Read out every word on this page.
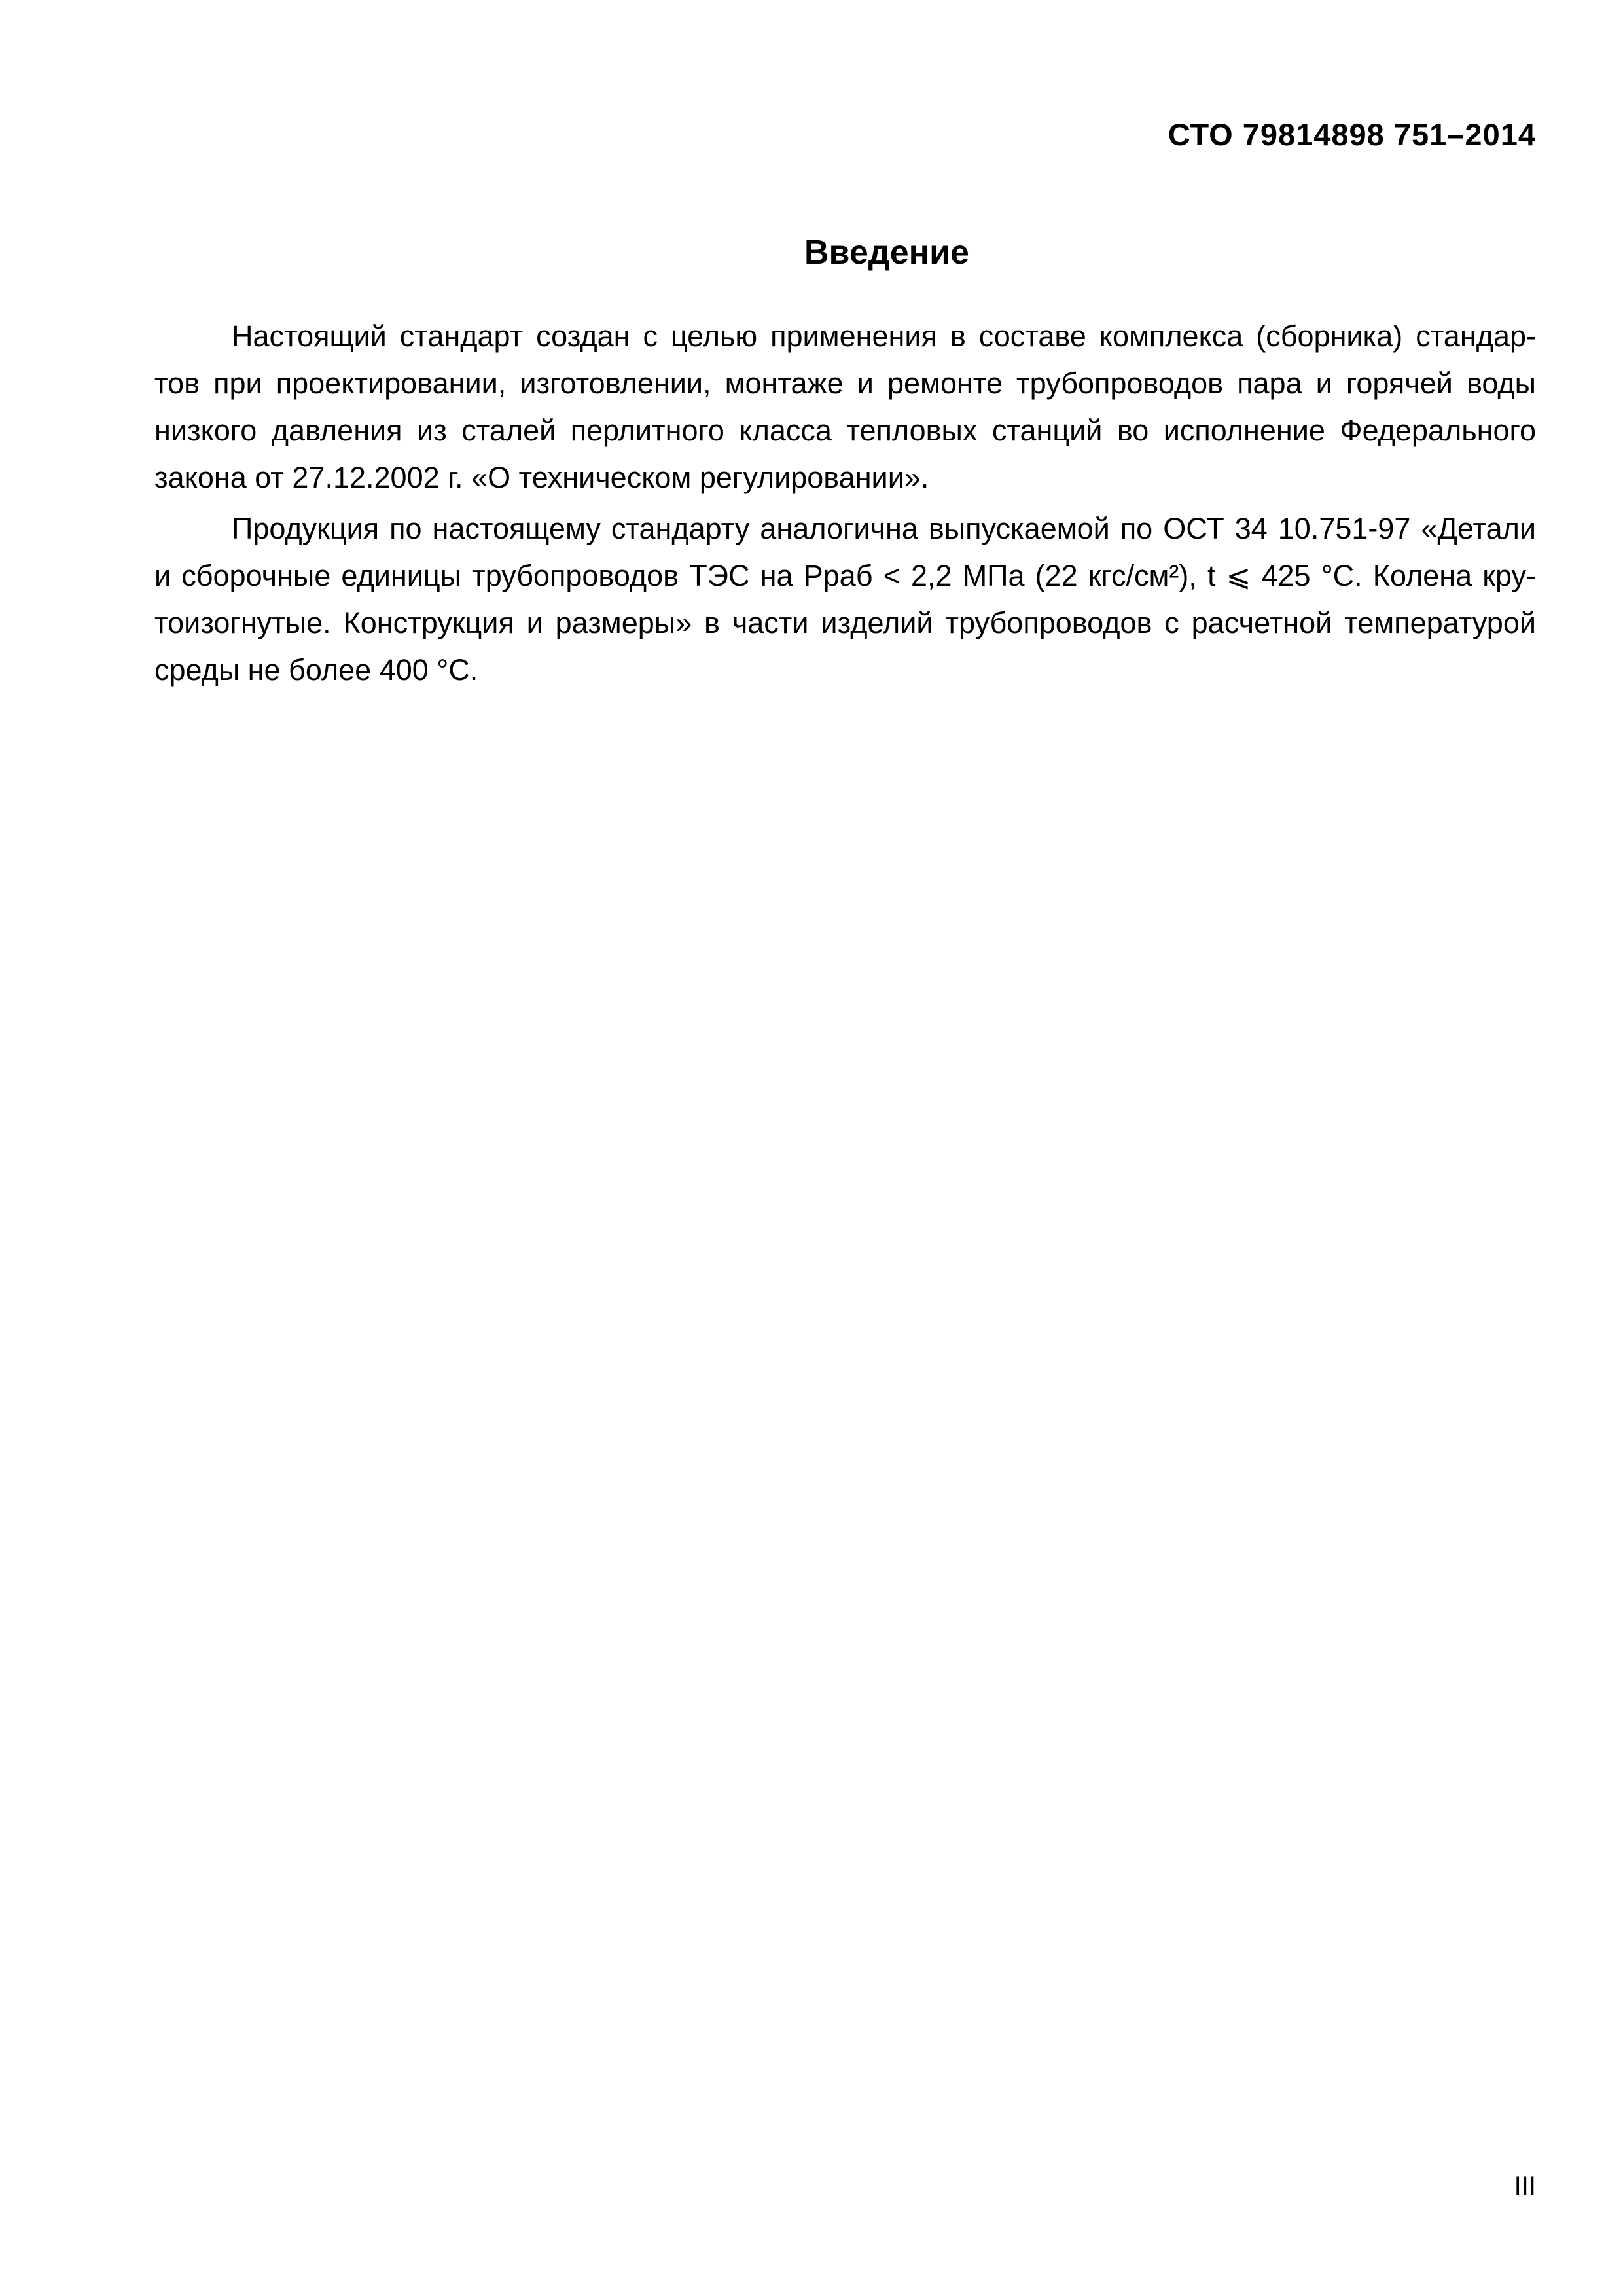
СТО 79814898 751–2014
Введение
Настоящий стандарт создан с целью применения в составе комплекса (сборника) стандар-
тов при проектировании, изготовлении, монтаже и ремонте трубопроводов пара и горячей воды
низкого давления из сталей перлитного класса тепловых станций во исполнение Федерального
закона от 27.12.2002 г. «О техническом регулировании».
Продукция по настоящему стандарту аналогична выпускаемой по ОСТ 34 10.751-97 «Детали
и сборочные единицы трубопроводов ТЭС на Рраб < 2,2 МПа (22 кгс/см²), t ⩽ 425 °С. Колена кру-
тоизогнутые. Конструкция и размеры» в части изделий трубопроводов с расчетной температурой
среды не более 400 °С.
III
